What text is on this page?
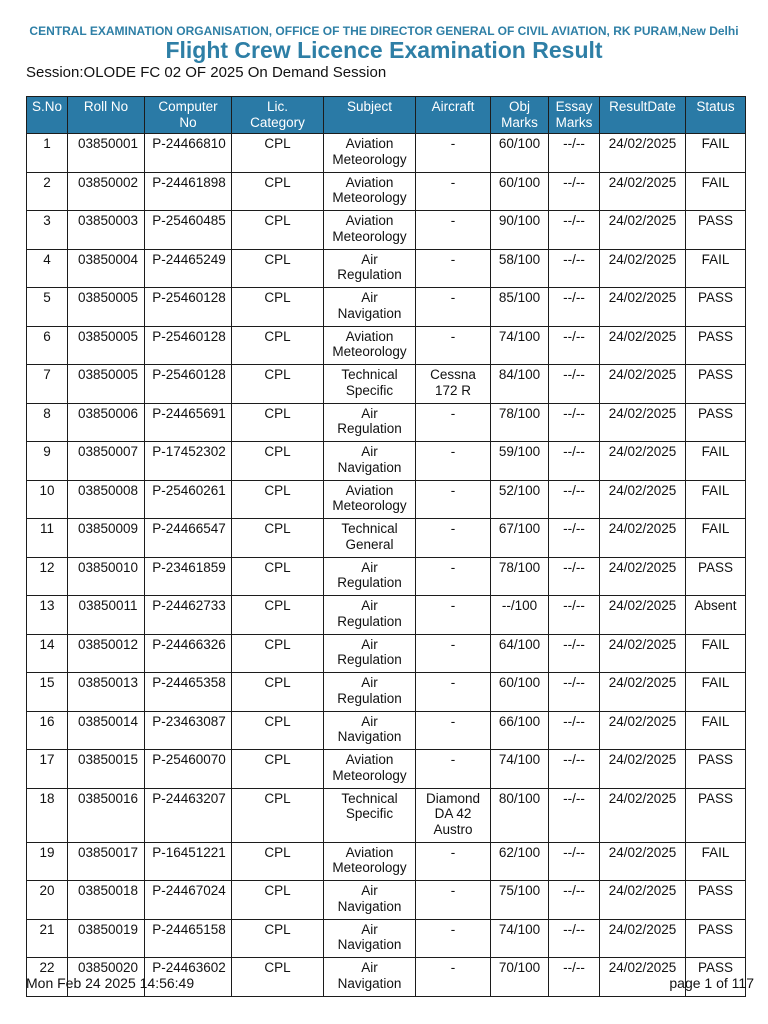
CENTRAL EXAMINATION ORGANISATION, OFFICE OF THE DIRECTOR GENERAL OF CIVIL AVIATION, RK PURAM,New Delhi
Flight Crew Licence Examination Result
Session:OLODE FC 02 OF 2025 On Demand Session
S.No	Roll No	Computer
No	Lic.
Category	Subject	Aircraft	Obj
Marks	Essay
Marks	ResultDate	Status
1	03850001	P-24466810	CPL	Aviation
Meteorology	-	60/100	--/--	24/02/2025	FAIL
2	03850002	P-24461898	CPL	Aviation
Meteorology	-	60/100	--/--	24/02/2025	FAIL
3	03850003	P-25460485	CPL	Aviation
Meteorology	-	90/100	--/--	24/02/2025	PASS
4	03850004	P-24465249	CPL	Air
Regulation	-	58/100	--/--	24/02/2025	FAIL
5	03850005	P-25460128	CPL	Air
Navigation	-	85/100	--/--	24/02/2025	PASS
6	03850005	P-25460128	CPL	Aviation
Meteorology	-	74/100	--/--	24/02/2025	PASS
7	03850005	P-25460128	CPL	Technical
Specific	Cessna
172 R	84/100	--/--	24/02/2025	PASS
8	03850006	P-24465691	CPL	Air
Regulation	-	78/100	--/--	24/02/2025	PASS
9	03850007	P-17452302	CPL	Air
Navigation	-	59/100	--/--	24/02/2025	FAIL
10	03850008	P-25460261	CPL	Aviation
Meteorology	-	52/100	--/--	24/02/2025	FAIL
11	03850009	P-24466547	CPL	Technical
General	-	67/100	--/--	24/02/2025	FAIL
12	03850010	P-23461859	CPL	Air
Regulation	-	78/100	--/--	24/02/2025	PASS
13	03850011	P-24462733	CPL	Air
Regulation	-	--/100	--/--	24/02/2025	Absent
14	03850012	P-24466326	CPL	Air
Regulation	-	64/100	--/--	24/02/2025	FAIL
15	03850013	P-24465358	CPL	Air
Regulation	-	60/100	--/--	24/02/2025	FAIL
16	03850014	P-23463087	CPL	Air
Navigation	-	66/100	--/--	24/02/2025	FAIL
17	03850015	P-25460070	CPL	Aviation
Meteorology	-	74/100	--/--	24/02/2025	PASS
18	03850016	P-24463207	CPL	Technical
Specific	Diamond
DA 42
Austro	80/100	--/--	24/02/2025	PASS
19	03850017	P-16451221	CPL	Aviation
Meteorology	-	62/100	--/--	24/02/2025	FAIL
20	03850018	P-24467024	CPL	Air
Navigation	-	75/100	--/--	24/02/2025	PASS
21	03850019	P-24465158	CPL	Air
Navigation	-	74/100	--/--	24/02/2025	PASS
22	03850020	P-24463602	CPL	Air
Navigation	-	70/100	--/--	24/02/2025	PASS
Mon Feb 24 2025 14:56:49	page 1 of 117
